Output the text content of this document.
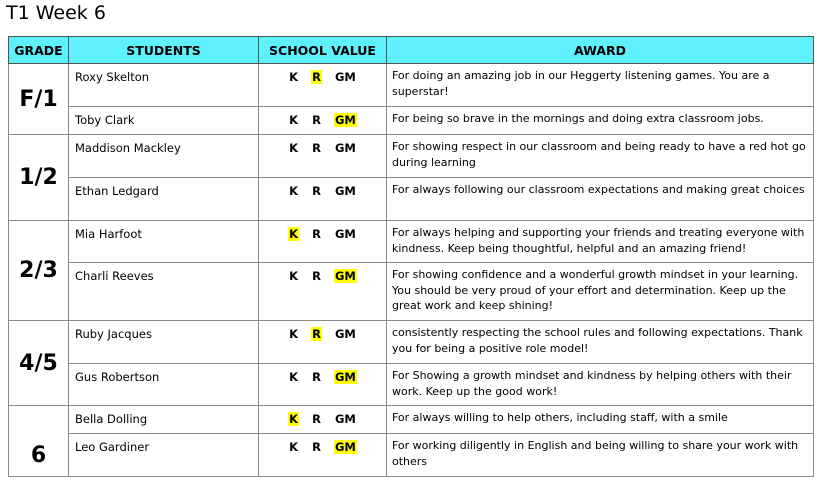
T1 Week 6
GRADE	STUDENTS	SCHOOL VALUE	AWARD
F/1	Roxy Skelton	K R GM	For doing an amazing job in our Heggerty listening games. You are a superstar!
	Toby Clark	K R GM	For being so brave in the mornings and doing extra classroom jobs.
1/2	Maddison Mackley	K R GM	For showing respect in our classroom and being ready to have a red hot go during learning
	Ethan Ledgard	K R GM	For always following our classroom expectations and making great choices
2/3	Mia Harfoot	K R GM	For always helping and supporting your friends and treating everyone with kindness. Keep being thoughtful, helpful and an amazing friend!
	Charli Reeves	K R GM	For showing confidence and a wonderful growth mindset in your learning. You should be very proud of your effort and determination. Keep up the great work and keep shining!
4/5	Ruby Jacques	K R GM	consistently respecting the school rules and following expectations. Thank you for being a positive role model!
	Gus Robertson	K R GM	For Showing a growth mindset and kindness by helping others with their work. Keep up the good work!
6	Bella Dolling	K R GM	For always willing to help others, including staff, with a smile
	Leo Gardiner	K R GM	For working diligently in English and being willing to share your work with others
